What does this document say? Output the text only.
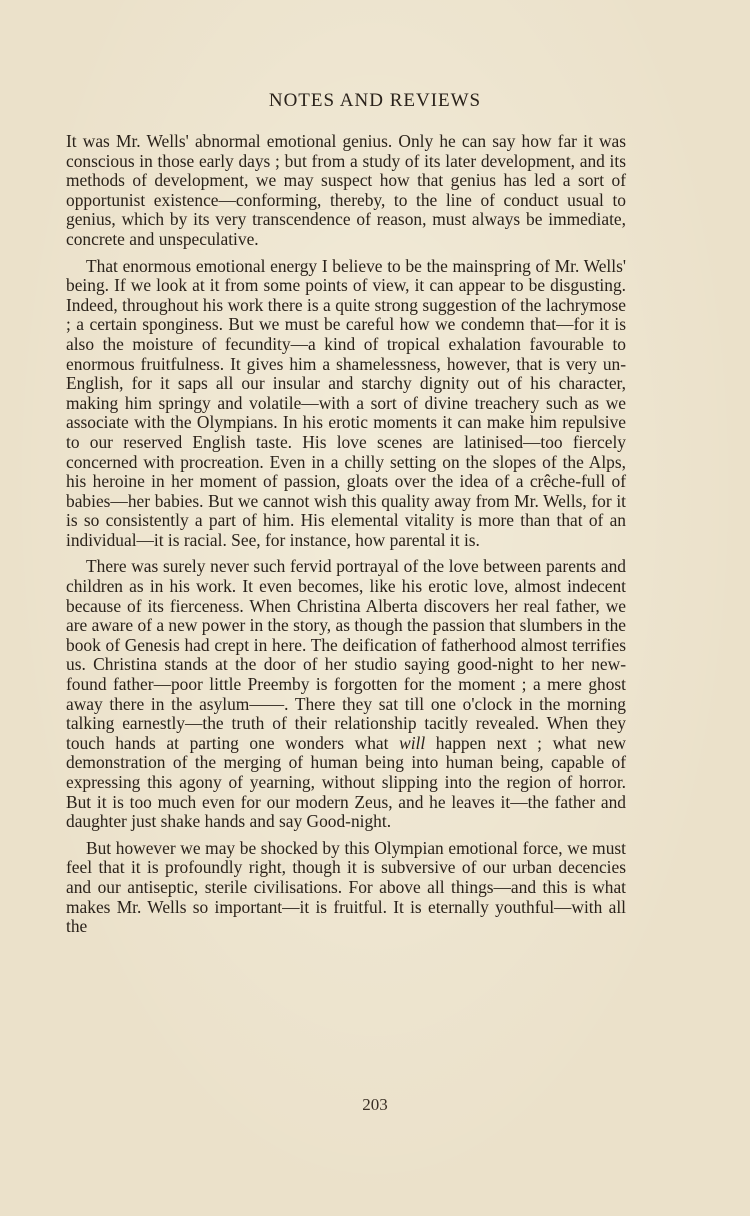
NOTES AND REVIEWS

It was Mr. Wells' abnormal emotional genius. Only he can say how far it was conscious in those early days ; but from a study of its later development, and its methods of development, we may suspect how that genius has led a sort of opportunist existence—conforming, thereby, to the line of conduct usual to genius, which by its very transcendence of reason, must always be immediate, concrete and unspeculative.

That enormous emotional energy I believe to be the mainspring of Mr. Wells' being. If we look at it from some points of view, it can appear to be disgusting. Indeed, throughout his work there is a quite strong suggestion of the lachrymose ; a certain sponginess. But we must be careful how we condemn that—for it is also the moisture of fecundity—a kind of tropical exhalation favourable to enormous fruitfulness. It gives him a shamelessness, however, that is very un-English, for it saps all our insular and starchy dignity out of his character, making him springy and volatile—with a sort of divine treachery such as we associate with the Olympians. In his erotic moments it can make him repulsive to our reserved English taste. His love scenes are latinised—too fiercely concerned with procreation. Even in a chilly setting on the slopes of the Alps, his heroine in her moment of passion, gloats over the idea of a crêche-full of babies—her babies. But we cannot wish this quality away from Mr. Wells, for it is so consistently a part of him. His elemental vitality is more than that of an individual—it is racial. See, for instance, how parental it is.

There was surely never such fervid portrayal of the love between parents and children as in his work. It even becomes, like his erotic love, almost indecent because of its fierceness. When Christina Alberta discovers her real father, we are aware of a new power in the story, as though the passion that slumbers in the book of Genesis had crept in here. The deification of fatherhood almost terrifies us. Christina stands at the door of her studio saying good-night to her new-found father—poor little Preemby is forgotten for the moment ; a mere ghost away there in the asylum——. There they sat till one o'clock in the morning talking earnestly—the truth of their relationship tacitly revealed. When they touch hands at parting one wonders what will happen next ; what new demonstration of the merging of human being into human being, capable of expressing this agony of yearning, without slipping into the region of horror. But it is too much even for our modern Zeus, and he leaves it—the father and daughter just shake hands and say Good-night.

But however we may be shocked by this Olympian emotional force, we must feel that it is profoundly right, though it is subversive of our urban decencies and our antiseptic, sterile civilisations. For above all things—and this is what makes Mr. Wells so important—it is fruitful. It is eternally youthful—with all the

203
